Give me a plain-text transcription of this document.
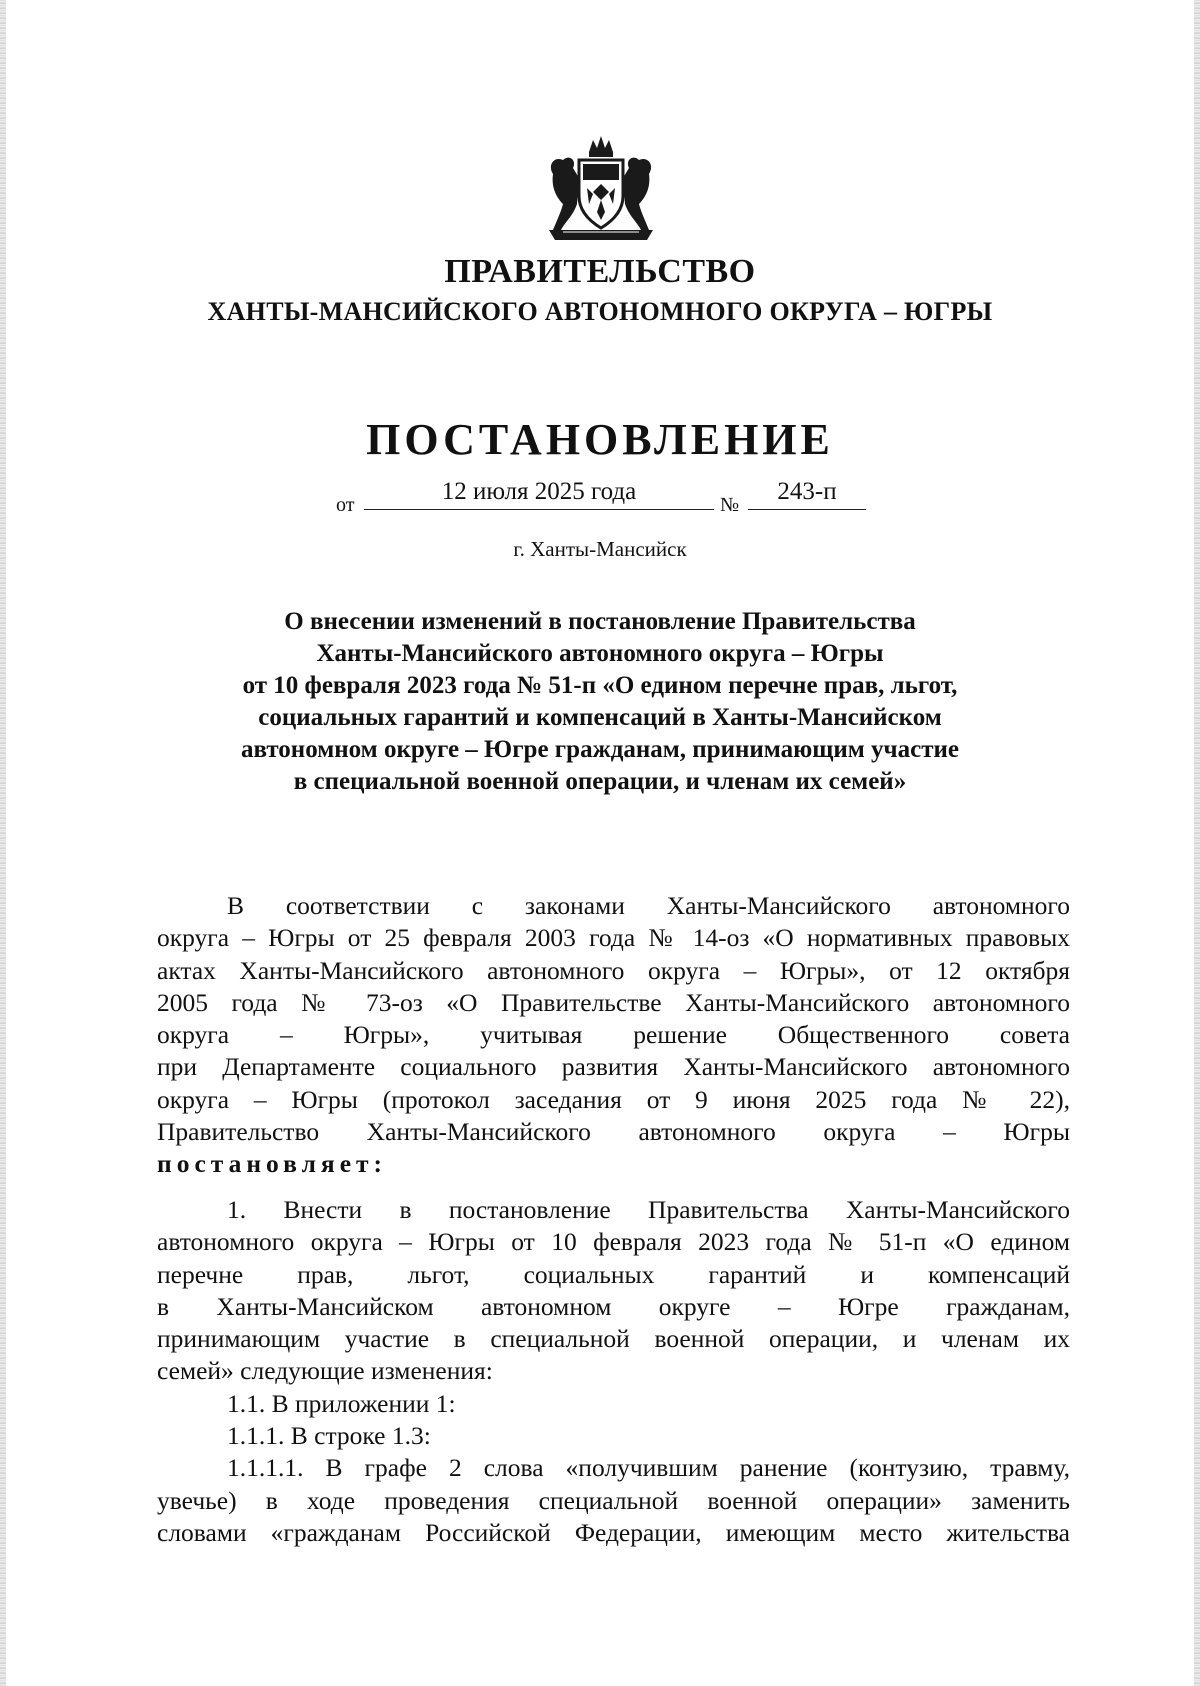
ПРАВИТЕЛЬСТВО
ХАНТЫ-МАНСИЙСКОГО АВТОНОМНОГО ОКРУГА – ЮГРЫ
ПОСТАНОВЛЕНИЕ
от	12 июля 2025 года	№	243-п
г. Ханты-Мансийск
О внесении изменений в постановление Правительства
Ханты-Мансийского автономного округа – Югры
от 10 февраля 2023 года № 51-п «О едином перечне прав, льгот,
социальных гарантий и компенсаций в Ханты-Мансийском
автономном округе – Югре гражданам, принимающим участие
в специальной военной операции, и членам их семей»
В соответствии с законами Ханты-Мансийского автономного
округа – Югры от 25 февраля 2003 года № 14-оз «О нормативных правовых
актах Ханты-Мансийского автономного округа – Югры», от 12 октября
2005 года № 73-оз «О Правительстве Ханты-Мансийского автономного
округа – Югры», учитывая решение Общественного совета
при Департаменте социального развития Ханты-Мансийского автономного
округа – Югры (протокол заседания от 9 июня 2025 года № 22),
Правительство Ханты-Мансийского автономного округа – Югры
постановляет:
1. Внести в постановление Правительства Ханты-Мансийского
автономного округа – Югры от 10 февраля 2023 года № 51-п «О едином
перечне прав, льгот, социальных гарантий и компенсаций
в Ханты-Мансийском автономном округе – Югре гражданам,
принимающим участие в специальной военной операции, и членам их
семей» следующие изменения:
1.1. В приложении 1:
1.1.1. В строке 1.3:
1.1.1.1. В графе 2 слова «получившим ранение (контузию, травму,
увечье) в ходе проведения специальной военной операции» заменить
словами «гражданам Российской Федерации, имеющим место жительства
